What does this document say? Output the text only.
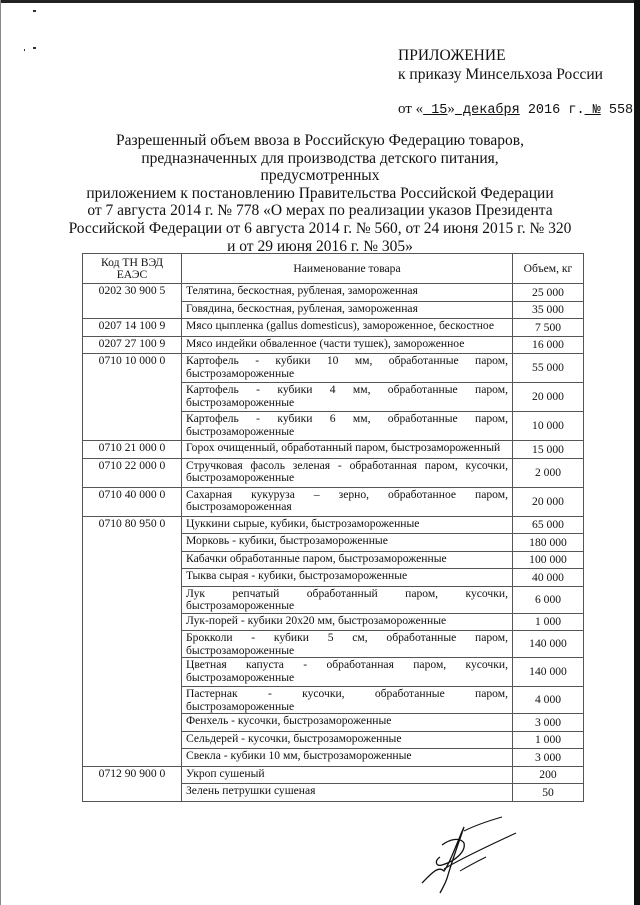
ПРИЛОЖЕНИЕ
к приказу Минсельхоза России
от « 15» декабря 2016 г. № 558
Разрешенный объем ввоза в Российскую Федерацию товаров,
предназначенных для производства детского питания, предусмотренных
приложением к постановлению Правительства Российской Федерации
от 7 августа 2014 г. № 778 «О мерах по реализации указов Президента
Российской Федерации от 6 августа 2014 г. № 560, от 24 июня 2015 г. № 320
и от 29 июня 2016 г. № 305»
Код ТН ВЭД ЕАЭС	Наименование товара	Объем, кг
0202 30 900 5	Телятина, бескостная, рубленая, замороженная	25 000
	Говядина, бескостная, рубленая, замороженная	35 000
0207 14 100 9	Мясо цыпленка (gallus domesticus), замороженное, бескостное	7 500
0207 27 100 9	Мясо индейки обваленное (части тушек), замороженное	16 000
0710 10 000 0	Картофель - кубики 10 мм, обработанные паром, быстрозамороженные	55 000
	Картофель - кубики 4 мм, обработанные паром, быстрозамороженные	20 000
	Картофель - кубики 6 мм, обработанные паром, быстрозамороженные	10 000
0710 21 000 0	Горох очищенный, обработанный паром, быстрозамороженный	15 000
0710 22 000 0	Стручковая фасоль зеленая - обработанная паром, кусочки, быстрозамороженные	2 000
0710 40 000 0	Сахарная кукуруза – зерно, обработанное паром, быстрозамороженная	20 000
0710 80 950 0	Цуккини сырые, кубики, быстрозамороженные	65 000
	Морковь - кубики, быстрозамороженные	180 000
	Кабачки обработанные паром, быстрозамороженные	100 000
	Тыква сырая - кубики, быстрозамороженные	40 000
	Лук репчатый обработанный паром, кусочки, быстрозамороженные	6 000
	Лук-порей - кубики 20х20 мм, быстрозамороженные	1 000
	Брокколи - кубики 5 см, обработанные паром, быстрозамороженные	140 000
	Цветная капуста - обработанная паром, кусочки, быстрозамороженные	140 000
	Пастернак - кусочки, обработанные паром, быстрозамороженные	4 000
	Фенхель - кусочки, быстрозамороженные	3 000
	Сельдерей - кусочки, быстрозамороженные	1 000
	Свекла - кубики 10 мм, быстрозамороженные	3 000
0712 90 900 0	Укроп сушеный	200
	Зелень петрушки сушеная	50
